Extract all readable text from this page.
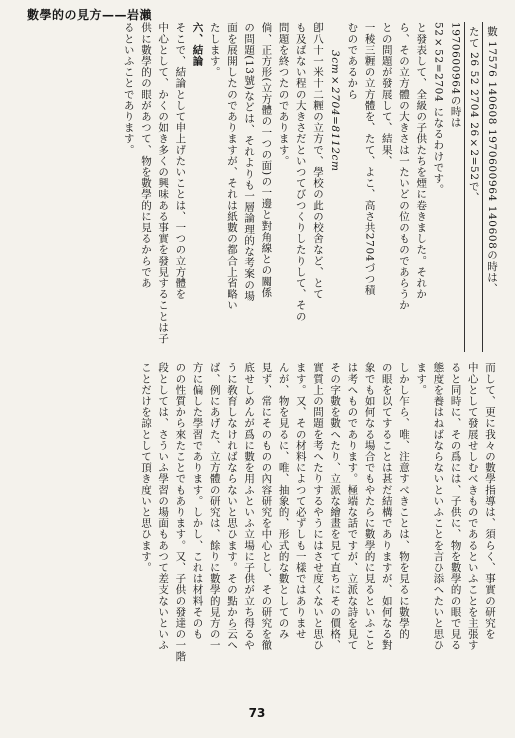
數學的の見方——岩瀨
數 17576 140608 1970600964 140608の時は、
たて 26 52 2704 26×2=52で、
1970600964の時は
52×52=2704 になるわけです。
と發表して、全級の子供たちを煙に卷きました。それか
ら、その立方體の大きさは一たいどの位のものであらうか
との問題が發展して、結果、
一稜三糎の立方體を、たて、よこ、高さ共2704づつ積
むのであるから
3cm×2704=8112cm
卽八十一米十二糎の立方で、學校の此の校舍など、とて
も及ばない程の大きさだといつてびつくりしたりして、その
問題を終つたのであります。
倘、正方形(立方體の一つの面)の一邊と對角線との關係
の問題(13號)などは、それよりも一層論理的な考案の場
面を展開したのでありますが、それは紙數の都合上省略い
たします。
六、結論
そこで、結論として申上げたいことは、一つの立方體を
中心として、かくの如き多くの興味ある事實を發見することは子
供に數學的の眼があつて、物を數學的に見るからであ
るといふことであります。
而して、更に我々の數學指導は、須らく、事實の研究を
中心として發展せしむべきものであるといふことを主張す
ると同時に、その爲には、子供に、物を數學的の眼で見る
態度を養はねばならないといふことを言ひ添へたいと思ひ
ます。
しかし乍ら、唯、注意すべきことは、物を見るに數學的
の眼を以てすることは甚だ結構でありますが、如何なる對
象でも如何なる場合でもやたらに數學的に見るといふこと
は考へものであります。極端な話ですが、立派な詩を見て
その字數を數へたり、立派な繪畫を見て直ちにその價格、
實質上の問題を考へたりするやうにはさせ度くないと思ひ
ます。又、その材料によつて必ずしも一樣ではありませ
んが、物を見るに、唯、抽象的、形式的な數としてのみ
見ず、常にそのものの內容研究を中心とし、その研究を徹
底せしめんが爲に數を用ふといふ立場に子供が立ち得るや
うに敎育しなければならないと思ひます。その點から云へ
ば、例にあげた、立方體の研究は、餘りに數學的見方の一
方に偏した學習であります。しかし、これは材料そのも
のの性質から來たことでもあります。又、子供の發達の一階
段としては、さういふ學習の場面もあつて差支ないといふ
ことだけを諒として頂き度いと思ひます。
73
